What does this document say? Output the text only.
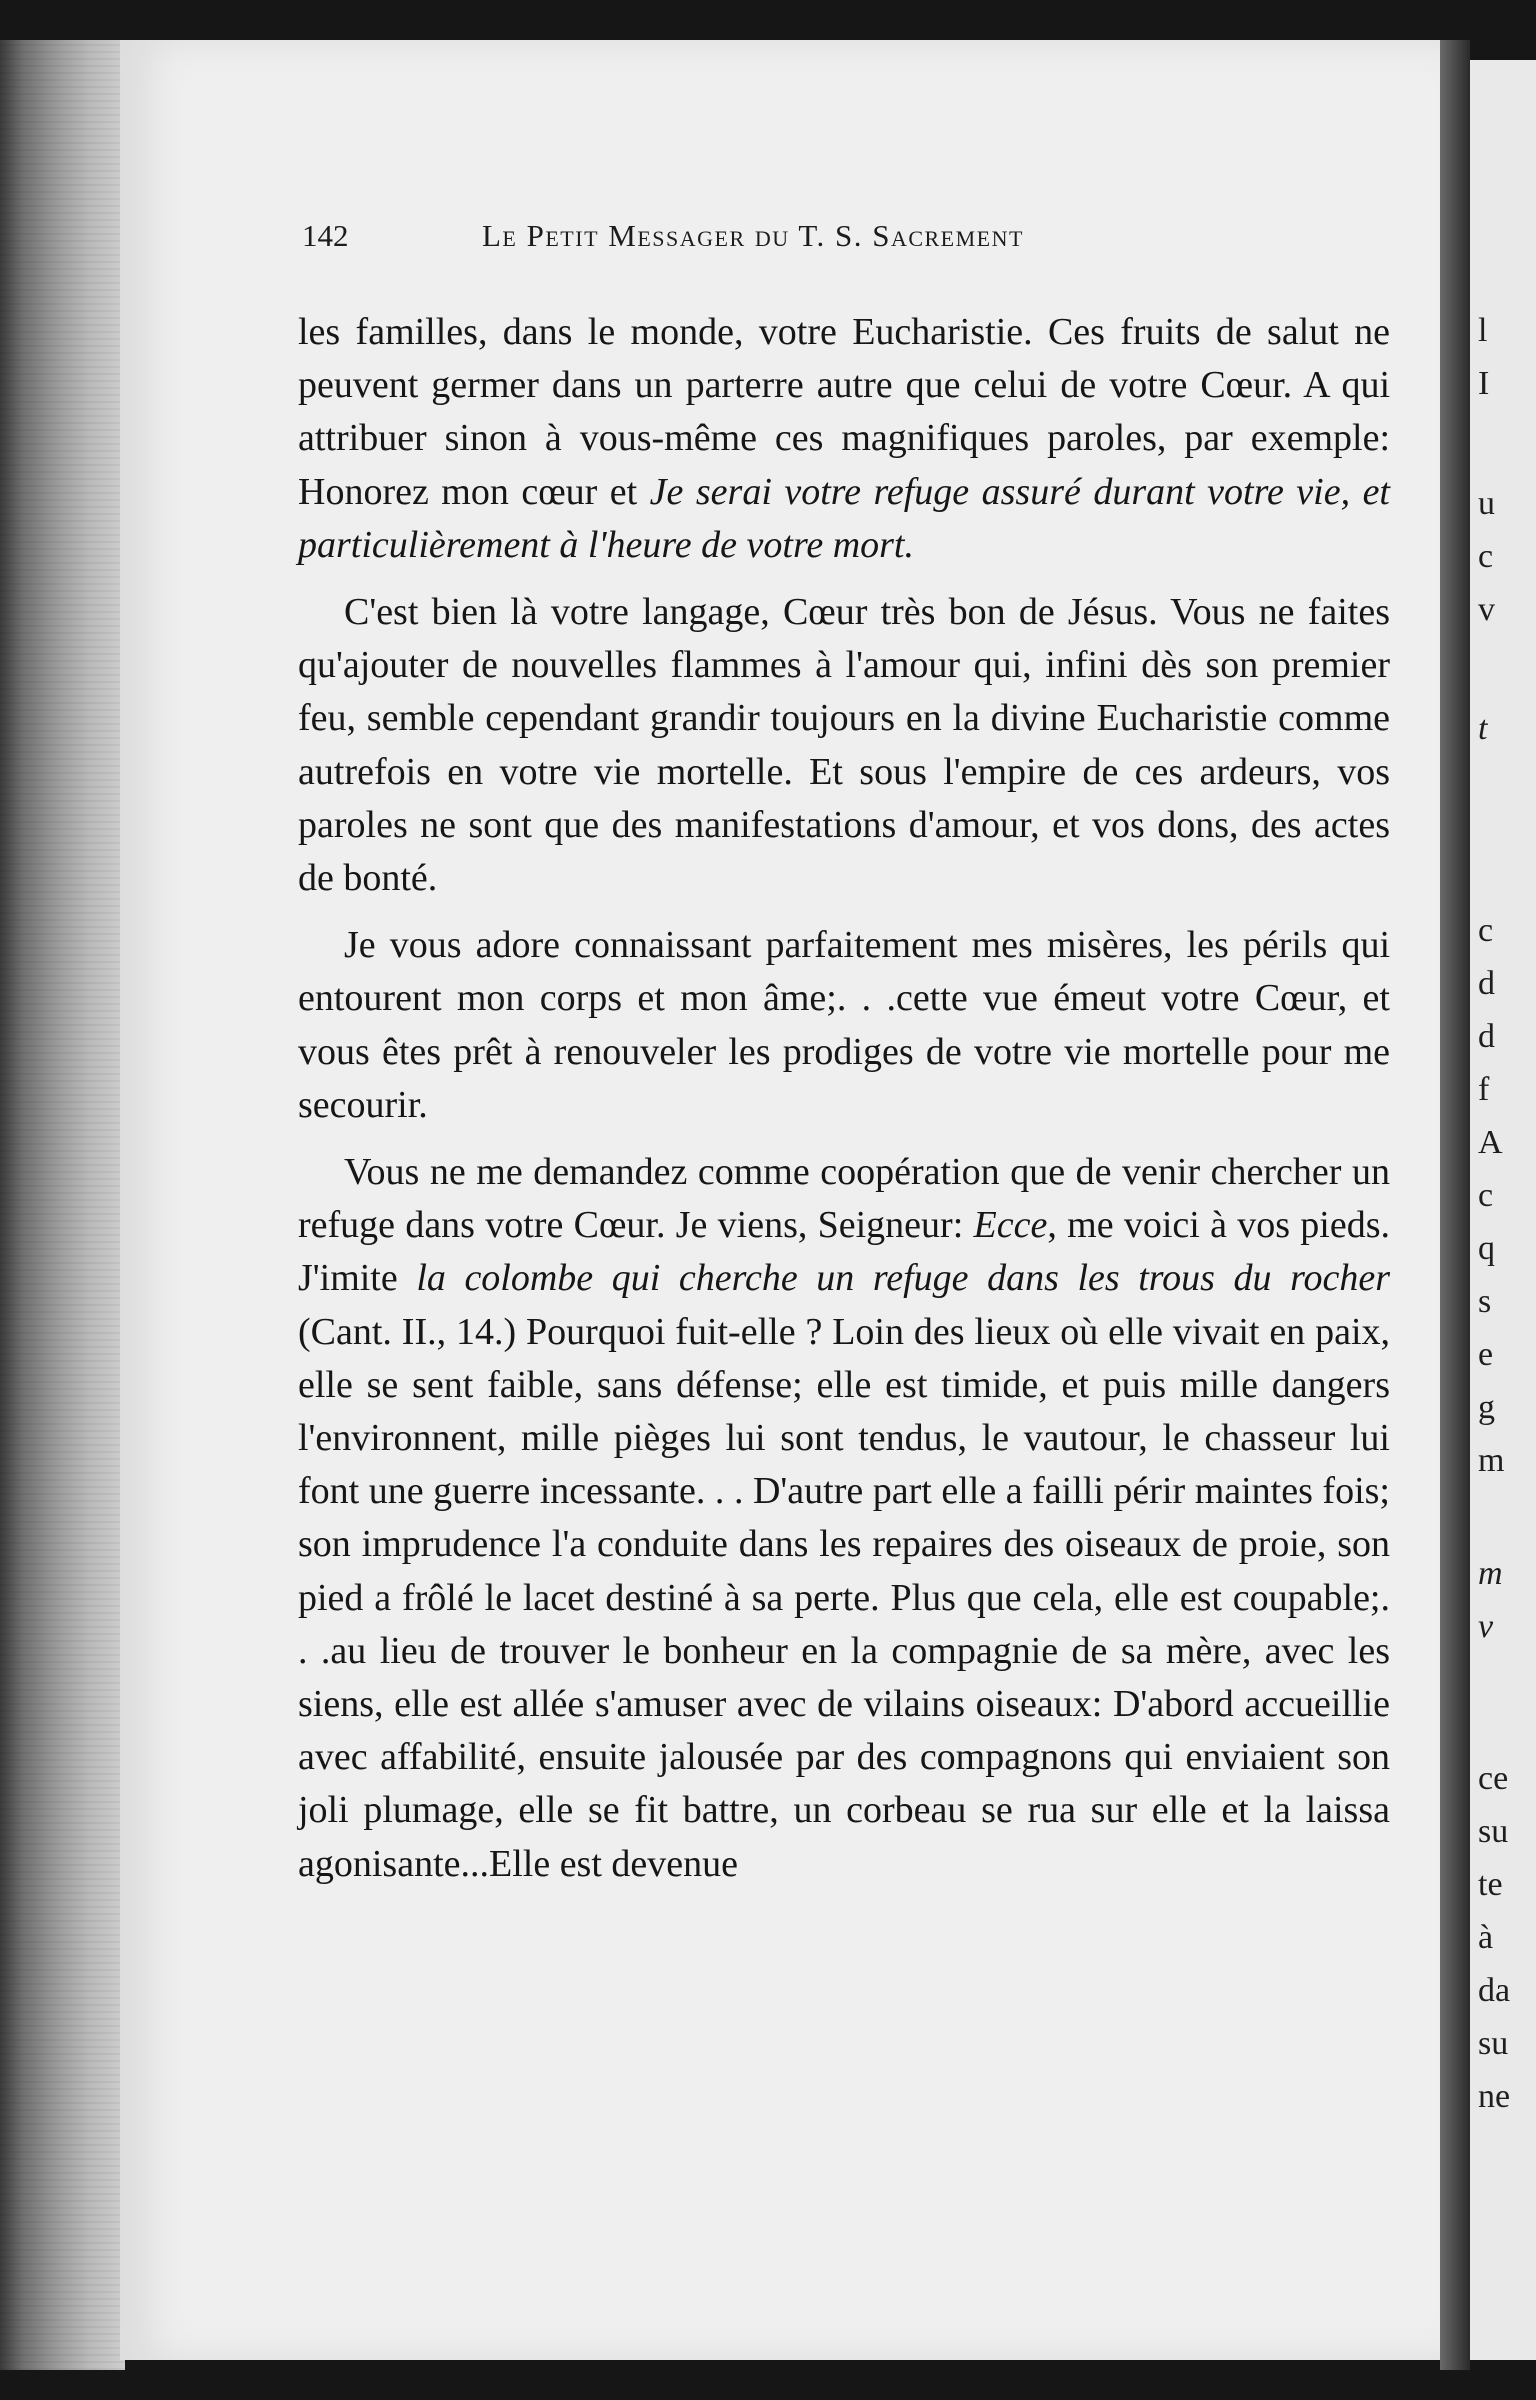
142	Le Petit Messager du T. S. Sacrement

les familles, dans le monde, votre Eucharistie. Ces fruits de salut ne peuvent germer dans un parterre autre que celui de votre Cœur. A qui attribuer sinon à vous-même ces magnifiques paroles, par exemple: Honorez mon cœur et Je serai votre refuge assuré durant votre vie, et particulièrement à l'heure de votre mort.

C'est bien là votre langage, Cœur très bon de Jésus. Vous ne faites qu'ajouter de nouvelles flammes à l'amour qui, infini dès son premier feu, semble cependant grandir toujours en la divine Eucharistie comme autrefois en votre vie mortelle. Et sous l'empire de ces ardeurs, vos paroles ne sont que des manifestations d'amour, et vos dons, des actes de bonté.

Je vous adore connaissant parfaitement mes misères, les périls qui entourent mon corps et mon âme;. . .cette vue émeut votre Cœur, et vous êtes prêt à renouveler les prodiges de votre vie mortelle pour me secourir.

Vous ne me demandez comme coopération que de venir chercher un refuge dans votre Cœur. Je viens, Seigneur: Ecce, me voici à vos pieds. J'imite la colombe qui cherche un refuge dans les trous du rocher (Cant. II., 14.) Pourquoi fuit-elle ? Loin des lieux où elle vivait en paix, elle se sent faible, sans défense; elle est timide, et puis mille dangers l'environnent, mille pièges lui sont tendus, le vautour, le chasseur lui font une guerre incessante. . . D'autre part elle a failli périr maintes fois; son imprudence l'a conduite dans les repaires des oiseaux de proie, son pied a frôlé le lacet destiné à sa perte. Plus que cela, elle est coupable;. . .au lieu de trouver le bonheur en la compagnie de sa mère, avec les siens, elle est allée s'amuser avec de vilains oiseaux: D'abord accueillie avec affabilité, ensuite jalousée par des compagnons qui enviaient son joli plumage, elle se fit battre, un corbeau se rua sur elle et la laissa agonisante...Elle est devenue

l
I
u
c
v
t
c
d
d
f
A
c
q
s
e
g
m
m
v
ce
su
te
à
da
su
ne
